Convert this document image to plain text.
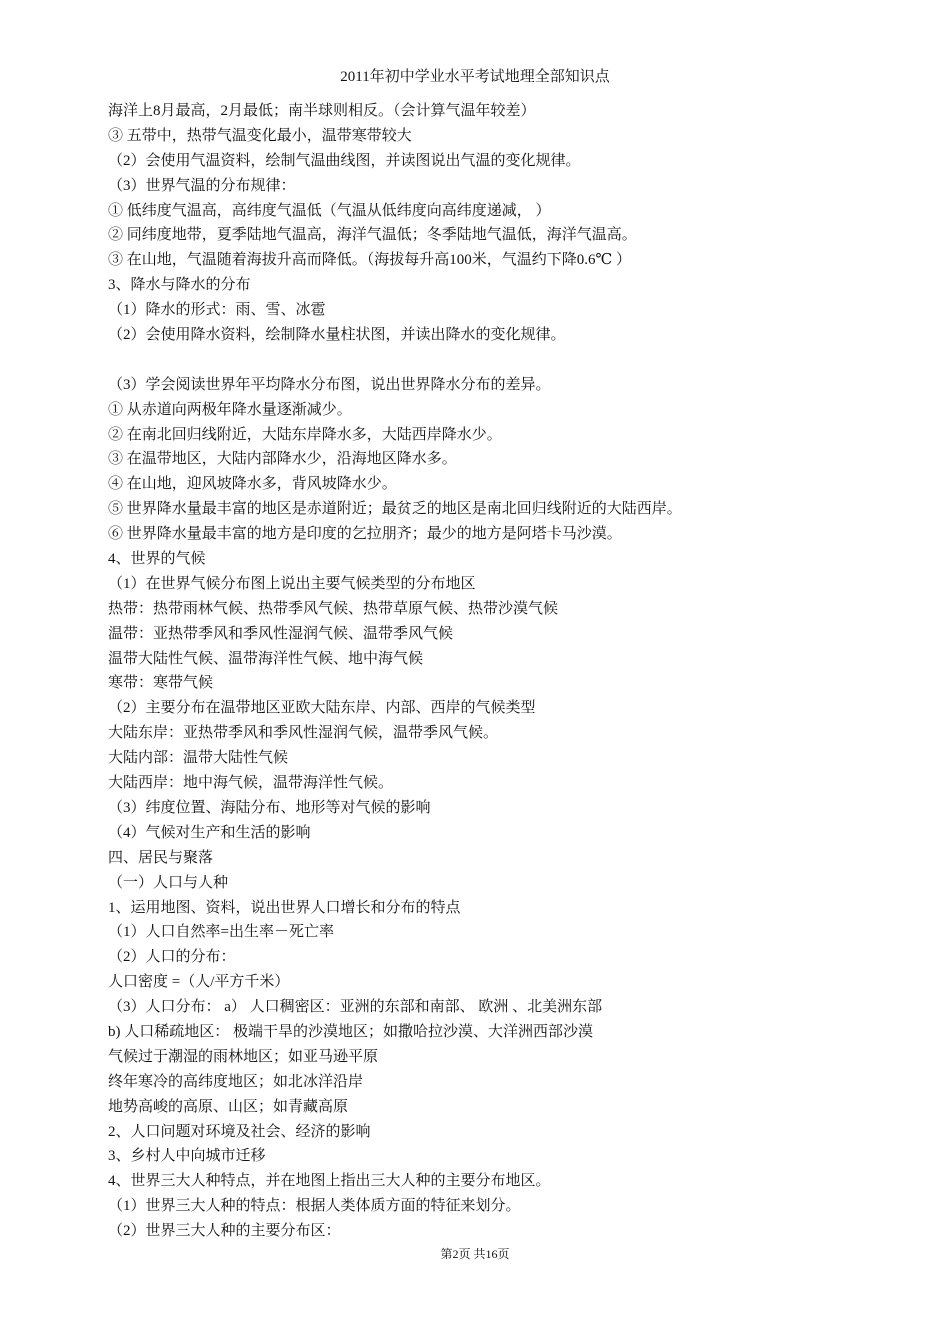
2011年初中学业水平考试地理全部知识点
海洋上8月最高，2月最低；南半球则相反。（会计算气温年较差）
③ 五带中，热带气温变化最小，温带寒带较大
（2）会使用气温资料，绘制气温曲线图，并读图说出气温的变化规律。
（3）世界气温的分布规律：
① 低纬度气温高，高纬度气温低（气温从低纬度向高纬度递减， ）
② 同纬度地带，夏季陆地气温高，海洋气温低；冬季陆地气温低，海洋气温高。
③ 在山地，气温随着海拔升高而降低。（海拔每升高100米，气温约下降0.6℃ ）
3、降水与降水的分布
（1）降水的形式：雨、雪、冰雹
（2）会使用降水资料，绘制降水量柱状图，并读出降水的变化规律。
（3）学会阅读世界年平均降水分布图，说出世界降水分布的差异。
① 从赤道向两极年降水量逐渐减少。
② 在南北回归线附近，大陆东岸降水多，大陆西岸降水少。
③ 在温带地区，大陆内部降水少，沿海地区降水多。
④ 在山地，迎风坡降水多，背风坡降水少。
⑤ 世界降水量最丰富的地区是赤道附近；最贫乏的地区是南北回归线附近的大陆西岸。
⑥ 世界降水量最丰富的地方是印度的乞拉朋齐；最少的地方是阿塔卡马沙漠。
4、世界的气候
（1）在世界气候分布图上说出主要气候类型的分布地区
热带：热带雨林气候、热带季风气候、热带草原气候、热带沙漠气候
温带：亚热带季风和季风性湿润气候、温带季风气候
温带大陆性气候、温带海洋性气候、地中海气候
寒带：寒带气候
（2）主要分布在温带地区亚欧大陆东岸、内部、西岸的气候类型
大陆东岸：亚热带季风和季风性湿润气候，温带季风气候。
大陆内部：温带大陆性气候
大陆西岸：地中海气候，温带海洋性气候。
（3）纬度位置、海陆分布、地形等对气候的影响
（4）气候对生产和生活的影响
四、居民与聚落
（一）人口与人种
1、运用地图、资料，说出世界人口增长和分布的特点
（1）人口自然率=出生率－死亡率
（2）人口的分布：
人口密度 =（人/平方千米）
（3）人口分布： a） 人口稠密区：亚洲的东部和南部、 欧洲 、北美洲东部
b) 人口稀疏地区： 极端干旱的沙漠地区；如撒哈拉沙漠、大洋洲西部沙漠
气候过于潮湿的雨林地区；如亚马逊平原
终年寒冷的高纬度地区；如北冰洋沿岸
地势高峻的高原、山区；如青藏高原
2、人口问题对环境及社会、经济的影响
3、乡村人中向城市迁移
4、世界三大人种特点，并在地图上指出三大人种的主要分布地区。
（1）世界三大人种的特点：根据人类体质方面的特征来划分。
（2）世界三大人种的主要分布区：
第2页 共16页
